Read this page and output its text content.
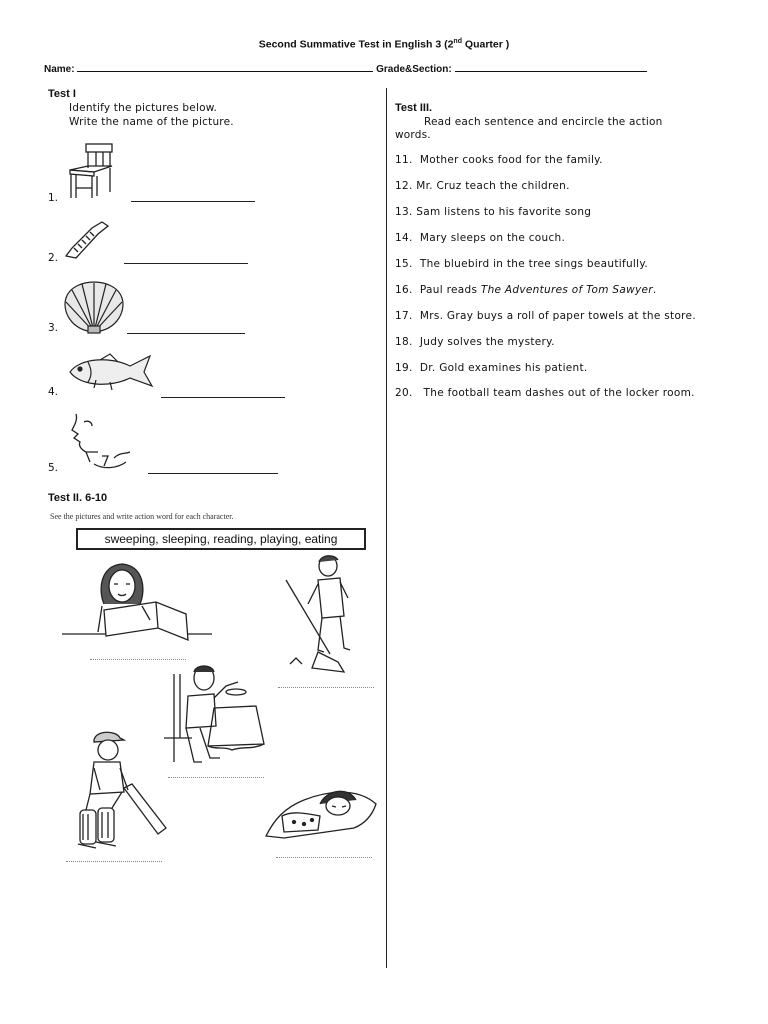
Second Summative Test in English 3 (2nd Quarter )
Name:	Grade&Section:
Test I
Identify the pictures below.
Write the name of the picture.
1.
2.
3.
4.
5.
Test II. 6-10
See the pictures and write action word for each character.
sweeping, sleeping, reading, playing, eating
Test III.
Read each sentence and encircle the action
words.
11. Mother cooks food for the family.
12. Mr. Cruz teach the children.
13. Sam listens to his favorite song
14. Mary sleeps on the couch.
15. The bluebird in the tree sings beautifully.
16. Paul reads The Adventures of Tom Sawyer.
17. Mrs. Gray buys a roll of paper towels at the store.
18. Judy solves the mystery.
19. Dr. Gold examines his patient.
20. The football team dashes out of the locker room.
